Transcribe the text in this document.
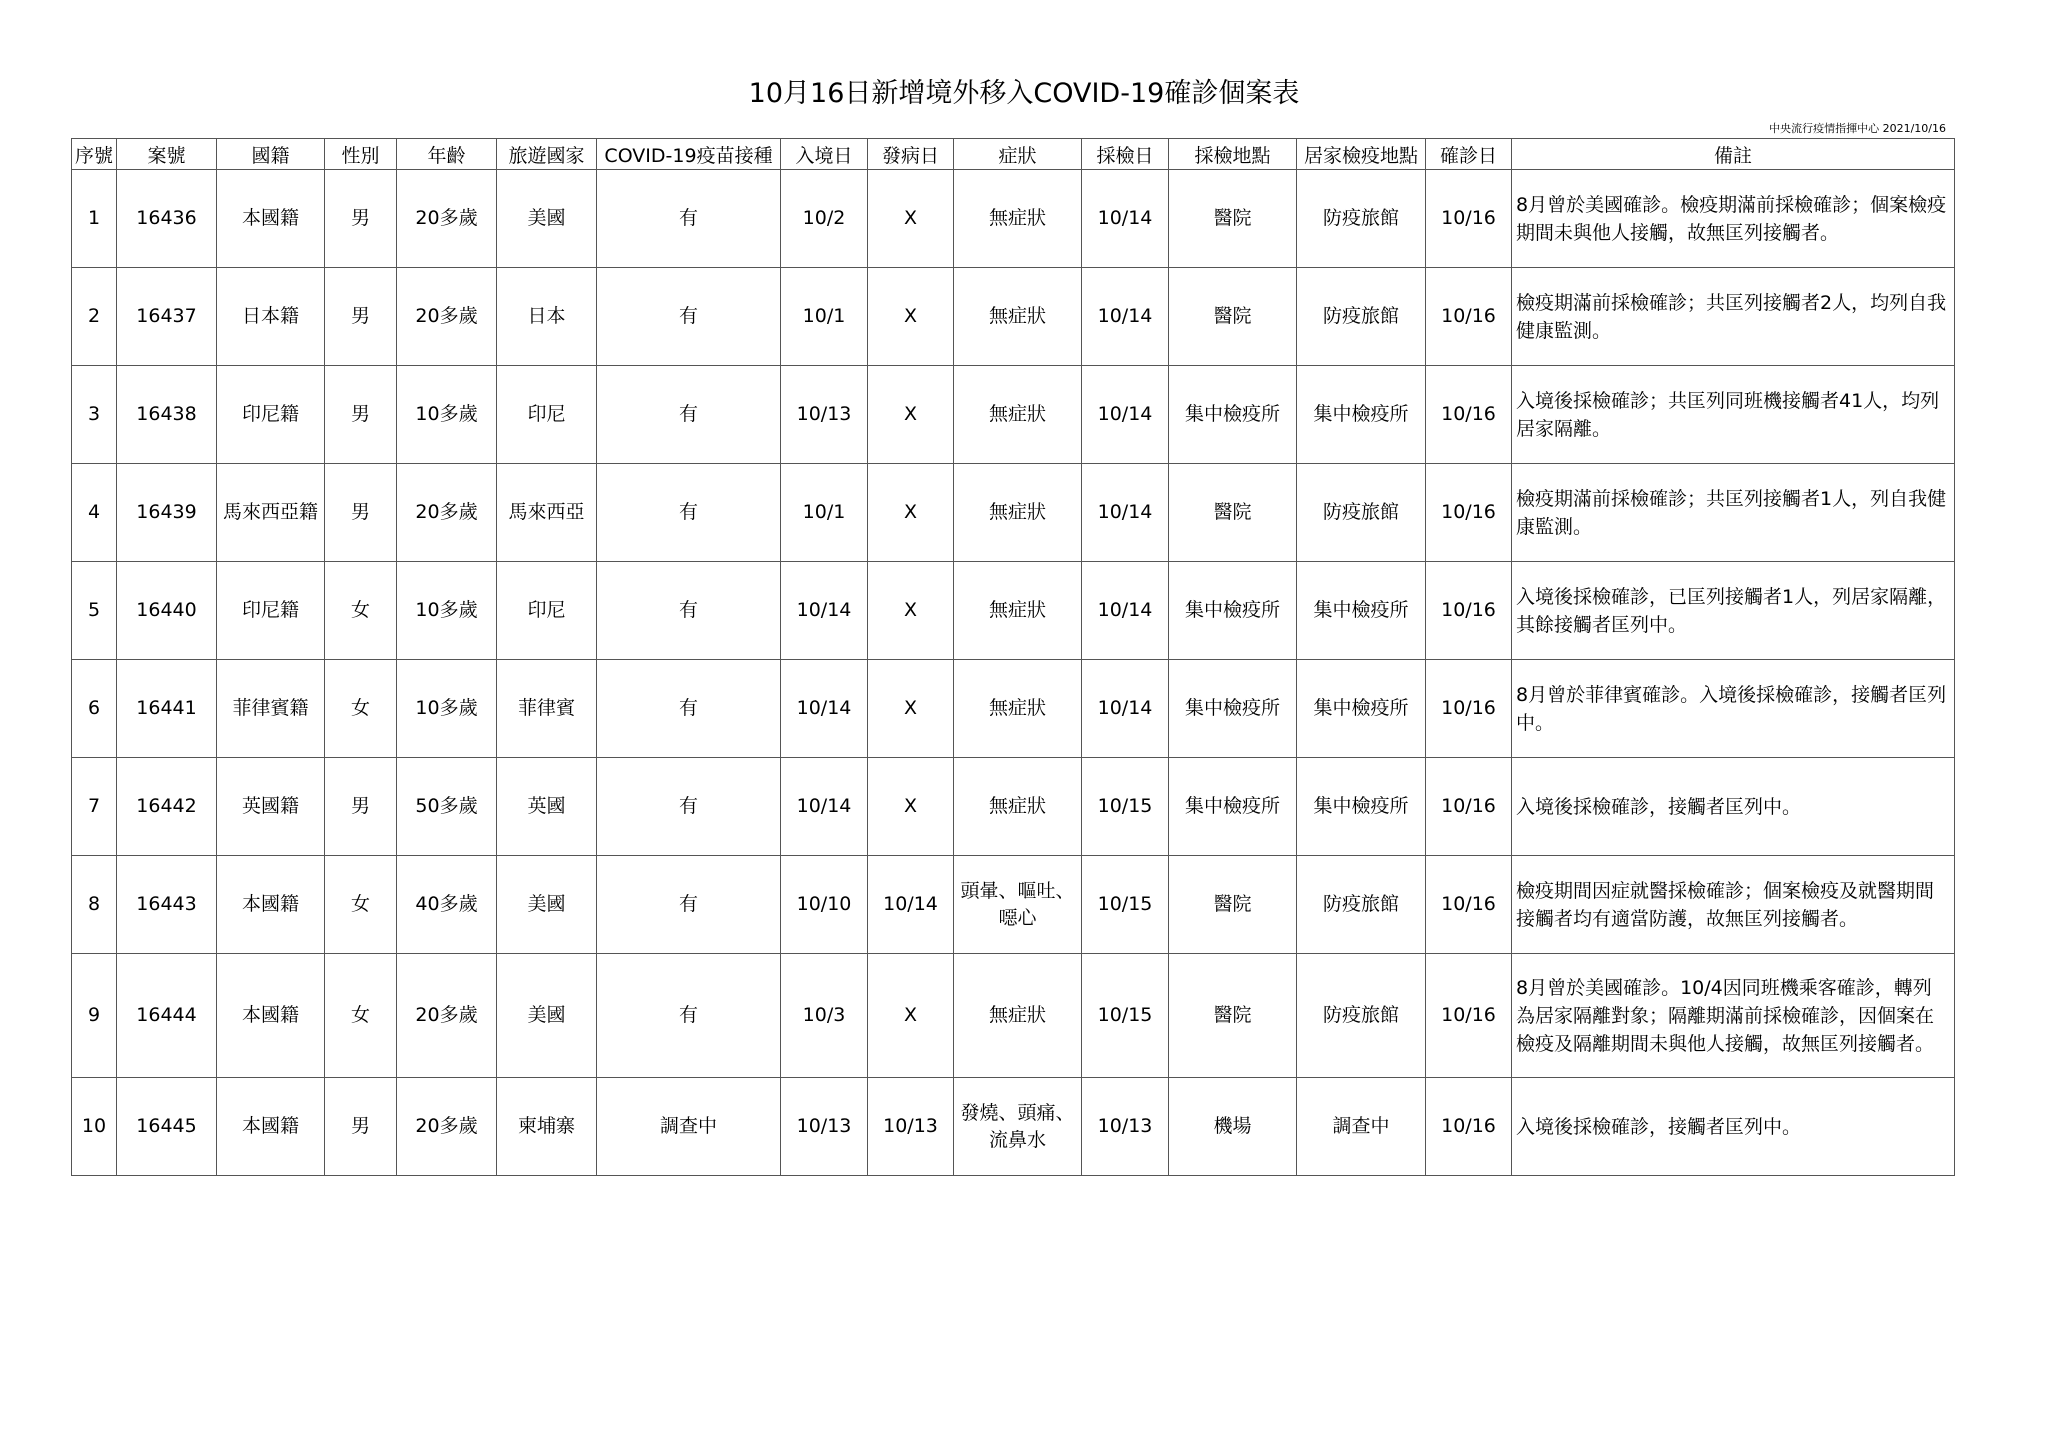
10月16日新增境外移入COVID-19確診個案表
中央流行疫情指揮中心 2021/10/16
序號	案號	國籍	性別	年齡	旅遊國家	COVID-19疫苗接種	入境日	發病日	症狀	採檢日	採檢地點	居家檢疫地點	確診日	備註
1	16436	本國籍	男	20多歲	美國	有	10/2	X	無症狀	10/14	醫院	防疫旅館	10/16	8月曾於美國確診。檢疫期滿前採檢確診；個案檢疫期間未與他人接觸，故無匡列接觸者。
2	16437	日本籍	男	20多歲	日本	有	10/1	X	無症狀	10/14	醫院	防疫旅館	10/16	檢疫期滿前採檢確診；共匡列接觸者2人，均列自我健康監測。
3	16438	印尼籍	男	10多歲	印尼	有	10/13	X	無症狀	10/14	集中檢疫所	集中檢疫所	10/16	入境後採檢確診；共匡列同班機接觸者41人，均列居家隔離。
4	16439	馬來西亞籍	男	20多歲	馬來西亞	有	10/1	X	無症狀	10/14	醫院	防疫旅館	10/16	檢疫期滿前採檢確診；共匡列接觸者1人，列自我健康監測。
5	16440	印尼籍	女	10多歲	印尼	有	10/14	X	無症狀	10/14	集中檢疫所	集中檢疫所	10/16	入境後採檢確診，已匡列接觸者1人，列居家隔離，其餘接觸者匡列中。
6	16441	菲律賓籍	女	10多歲	菲律賓	有	10/14	X	無症狀	10/14	集中檢疫所	集中檢疫所	10/16	8月曾於菲律賓確診。入境後採檢確診，接觸者匡列中。
7	16442	英國籍	男	50多歲	英國	有	10/14	X	無症狀	10/15	集中檢疫所	集中檢疫所	10/16	入境後採檢確診，接觸者匡列中。
8	16443	本國籍	女	40多歲	美國	有	10/10	10/14	頭暈、嘔吐、噁心	10/15	醫院	防疫旅館	10/16	檢疫期間因症就醫採檢確診；個案檢疫及就醫期間接觸者均有適當防護，故無匡列接觸者。
9	16444	本國籍	女	20多歲	美國	有	10/3	X	無症狀	10/15	醫院	防疫旅館	10/16	8月曾於美國確診。10/4因同班機乘客確診，轉列為居家隔離對象；隔離期滿前採檢確診，因個案在檢疫及隔離期間未與他人接觸，故無匡列接觸者。
10	16445	本國籍	男	20多歲	柬埔寨	調查中	10/13	10/13	發燒、頭痛、流鼻水	10/13	機場	調查中	10/16	入境後採檢確診，接觸者匡列中。
